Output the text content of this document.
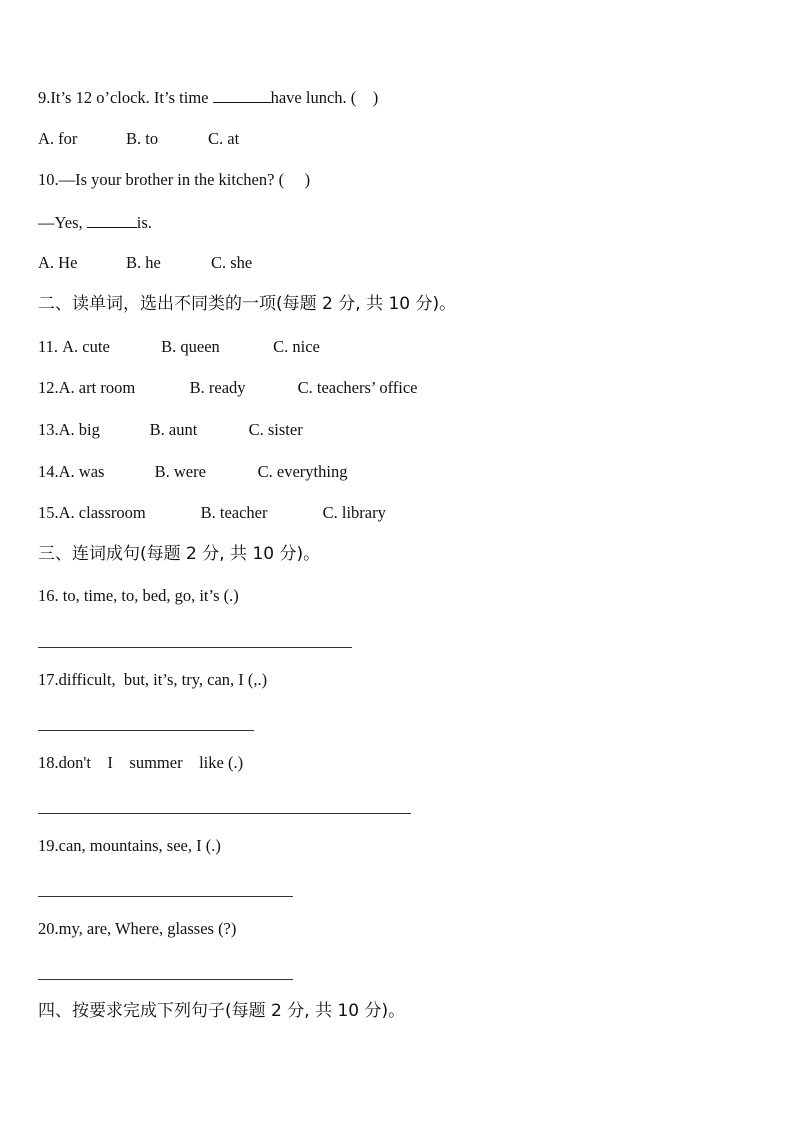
9.It’s 12 o’clock. It’s time	have lunch. (    )
A. for	B. to	C. at
10.—Is your brother in the kitchen? (     )
—Yes,	is.
A. He	B. he	C. she
二、读单词，选出不同类的一项(每题 2 分, 共 10 分)。
11. A. cute	B. queen	C. nice
12.A. art room	B. ready	C. teachers’ office
13.A. big	B. aunt	C. sister
14.A. was	B. were	C. everything
15.A. classroom	B. teacher	C. library
三、连词成句(每题 2 分, 共 10 分)。
16. to, time, to, bed, go, it’s (.)
17.difficult,  but, it’s, try, can, I (,.)
18.don't    I    summer    like (.)
19.can, mountains, see, I (.)
20.my, are, Where, glasses (?)
四、按要求完成下列句子(每题 2 分, 共 10 分)。
